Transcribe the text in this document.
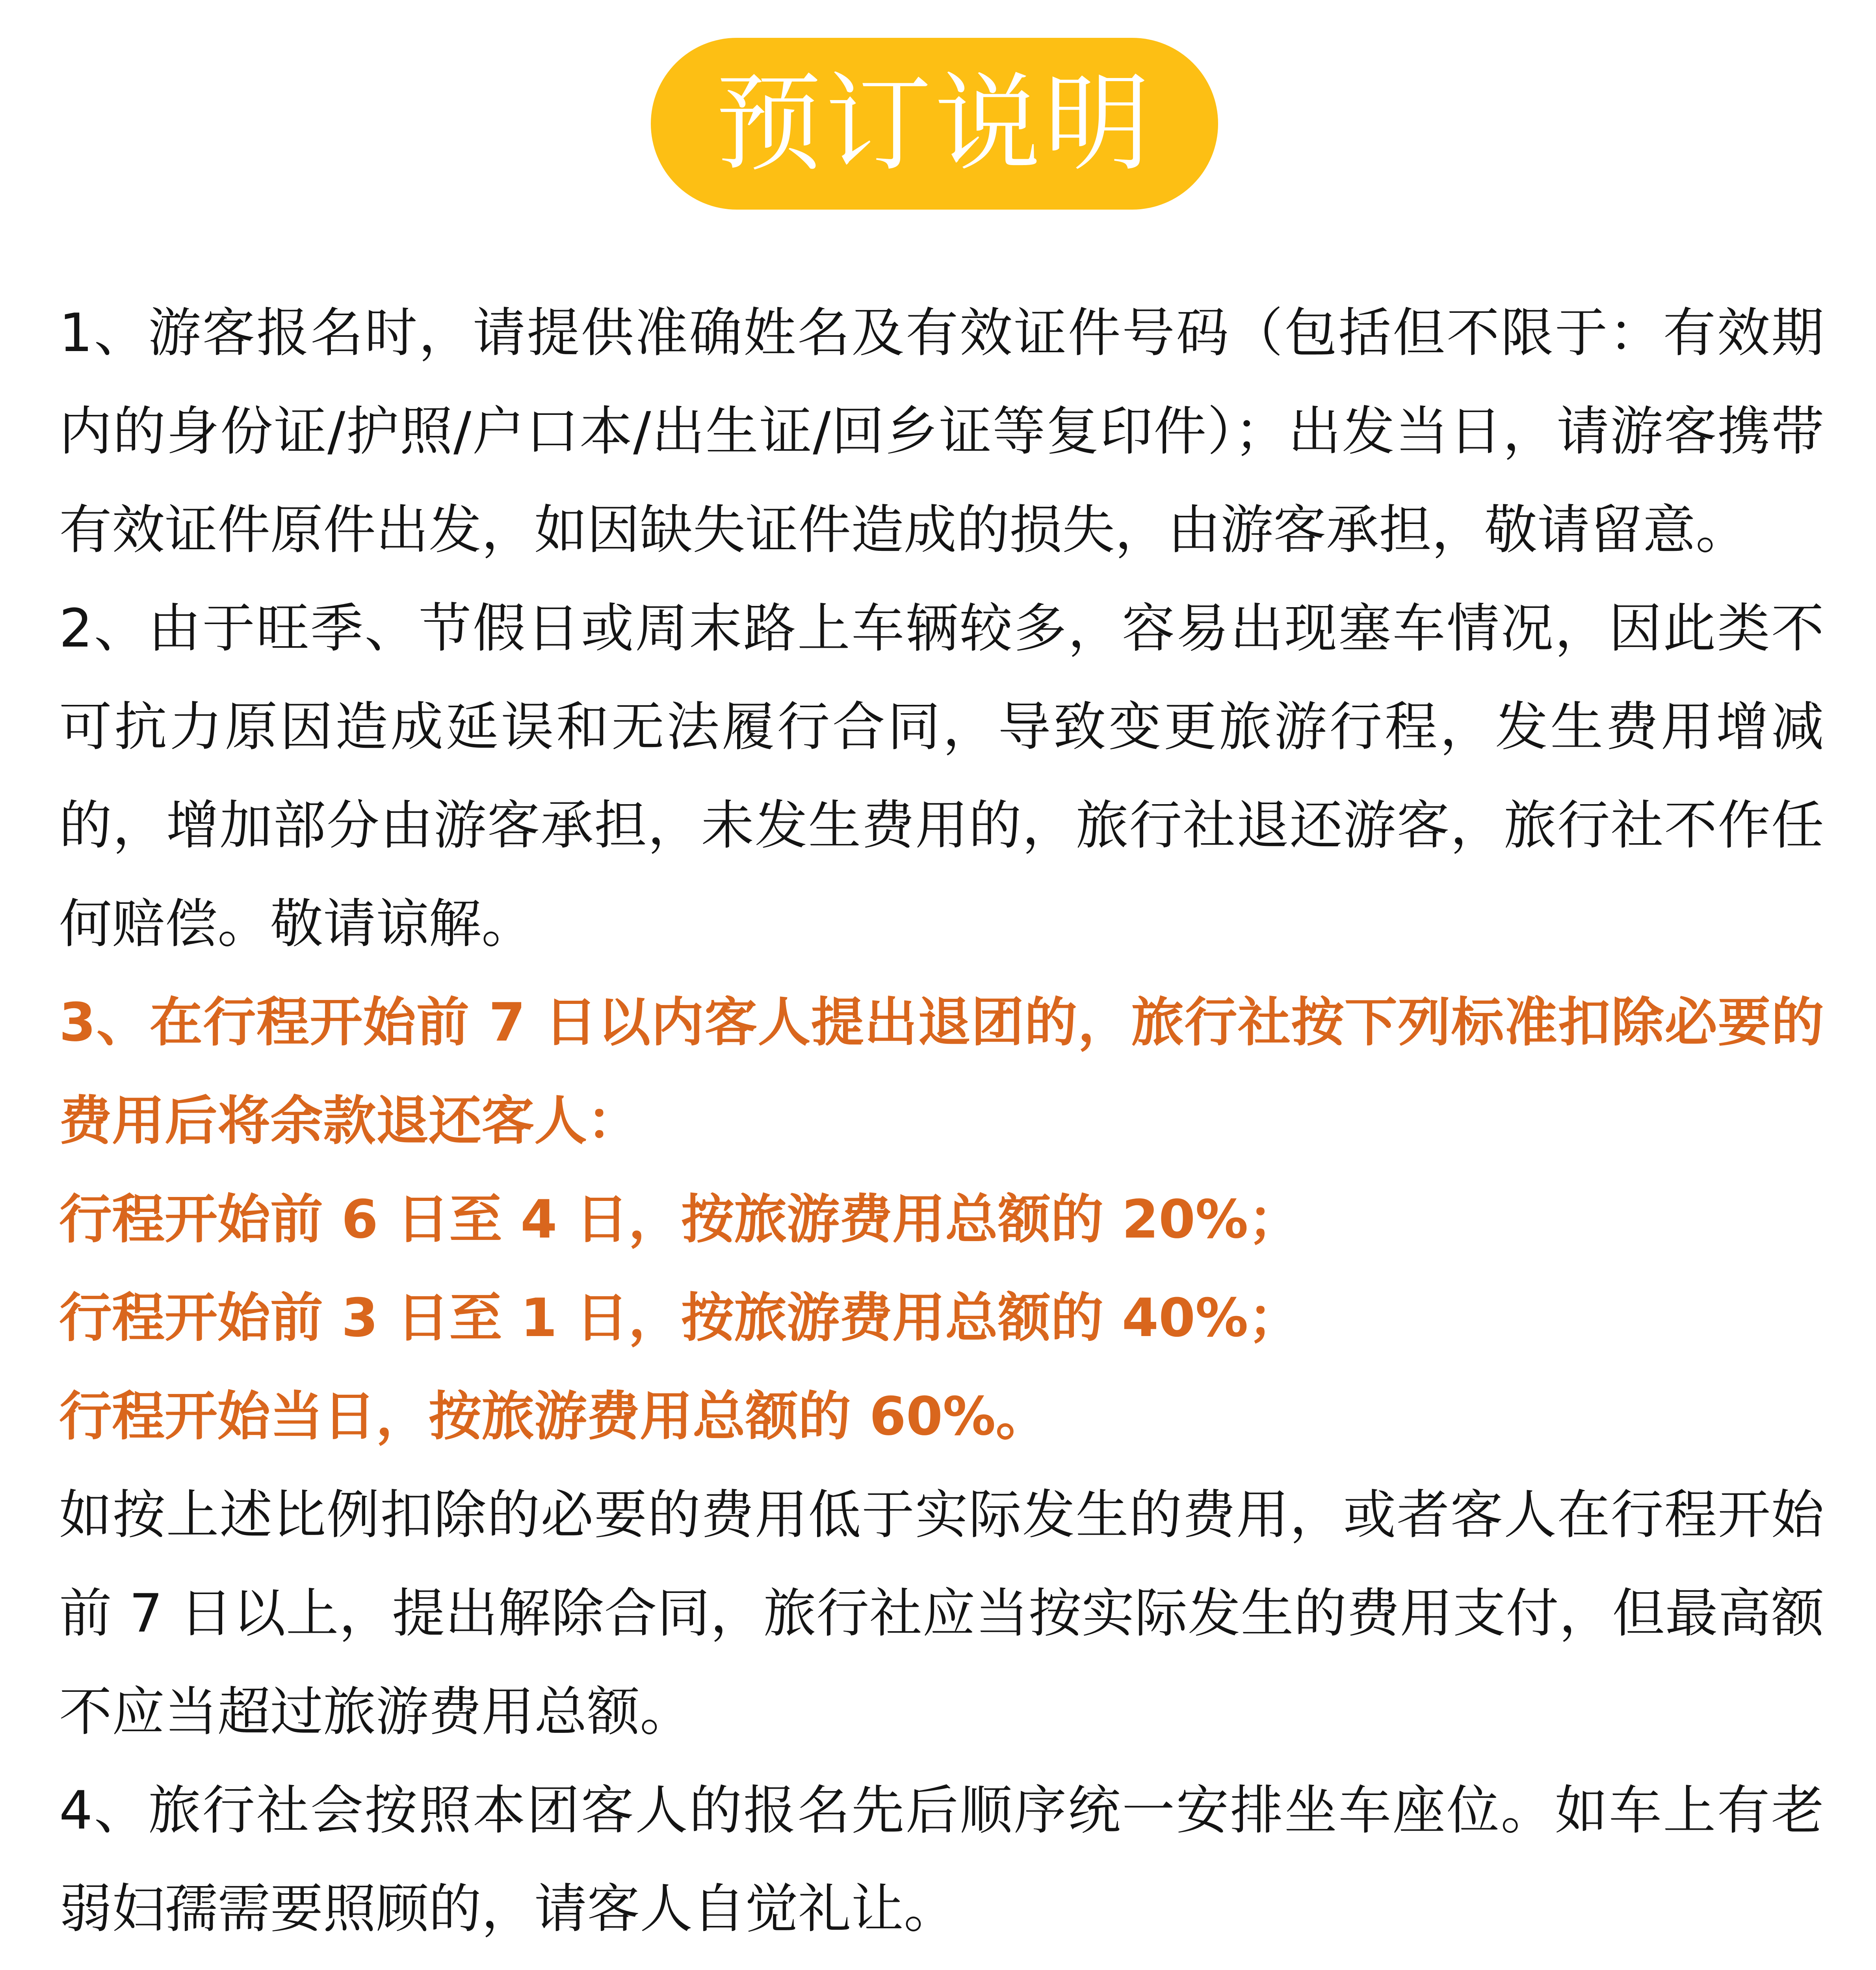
预订说明

1、游客报名时，请提供准确姓名及有效证件号码（包括但不限于：有效期内的身份证/护照/户口本/出生证/回乡证等复印件）；出发当日，请游客携带有效证件原件出发，如因缺失证件造成的损失，由游客承担，敬请留意。

2、由于旺季、节假日或周末路上车辆较多，容易出现塞车情况，因此类不可抗力原因造成延误和无法履行合同，导致变更旅游行程，发生费用增减的，增加部分由游客承担，未发生费用的，旅行社退还游客，旅行社不作任何赔偿。敬请谅解。

3、在行程开始前 7 日以内客人提出退团的，旅行社按下列标准扣除必要的费用后将余款退还客人：

行程开始前 6 日至 4 日，按旅游费用总额的 20%；

行程开始前 3 日至 1 日，按旅游费用总额的 40%；

行程开始当日，按旅游费用总额的 60%。

如按上述比例扣除的必要的费用低于实际发生的费用，或者客人在行程开始前 7 日以上，提出解除合同，旅行社应当按实际发生的费用支付，但最高额不应当超过旅游费用总额。

4、旅行社会按照本团客人的报名先后顺序统一安排坐车座位。如车上有老弱妇孺需要照顾的，请客人自觉礼让。
